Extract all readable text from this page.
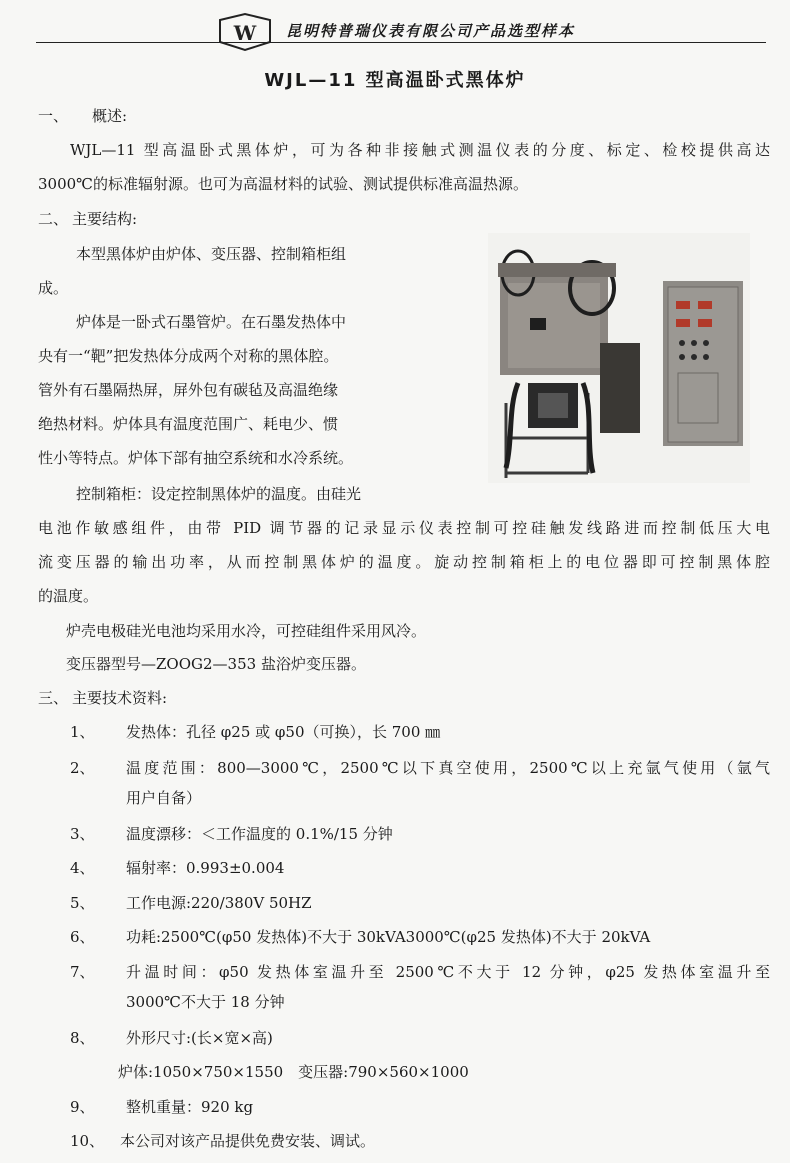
W 昆明特普瑞仪表有限公司产品选型样本
WJL—11 型高温卧式黑体炉
一、 概述:
WJL—11 型高温卧式黑体炉，可为各种非接触式测温仪表的分度、标定、检校提供高达
3000℃的标准辐射源。也可为高温材料的试验、测试提供标准高温热源。
二、 主要结构:
本型黑体炉由炉体、变压器、控制箱柜组
成。
炉体是一卧式石墨管炉。在石墨发热体中
央有一“靶”把发热体分成两个对称的黑体腔。
管外有石墨隔热屏，屏外包有碳毡及高温绝缘
绝热材料。炉体具有温度范围广、耗电少、惯
性小等特点。炉体下部有抽空系统和水冷系统。
控制箱柜：设定控制黑体炉的温度。由硅光
电池作敏感组件，由带 PID 调节器的记录显示仪表控制可控硅触发线路进而控制低压大电
流变压器的输出功率，从而控制黑体炉的温度。旋动控制箱柜上的电位器即可控制黑体腔
的温度。
炉壳电极硅光电池均采用水冷，可控硅组件采用风冷。
变压器型号—ZOOG2—353 盐浴炉变压器。
三、 主要技术资料:
1、 发热体：孔径 φ25 或 φ50（可换），长 700 ㎜
2、 温度范围：800—3000℃，2500℃以下真空使用，2500℃以上充氩气使用（氩气
用户自备）
3、 温度漂移：＜工作温度的 0.1%/15 分钟
4、 辐射率：0.993±0.004
5、 工作电源:220/380V 50HZ
6、 功耗:2500℃(φ50 发热体)不大于 30kVA3000℃(φ25 发热体)不大于 20kVA
7、 升温时间：φ50 发热体室温升至 2500℃不大于 12 分钟，φ25 发热体室温升至
3000℃不大于 18 分钟
8、 外形尺寸:(长×宽×高)
炉体:1050×750×1550　变压器:790×560×1000
9、 整机重量：920 kg
10、 本公司对该产品提供免费安装、调试。
